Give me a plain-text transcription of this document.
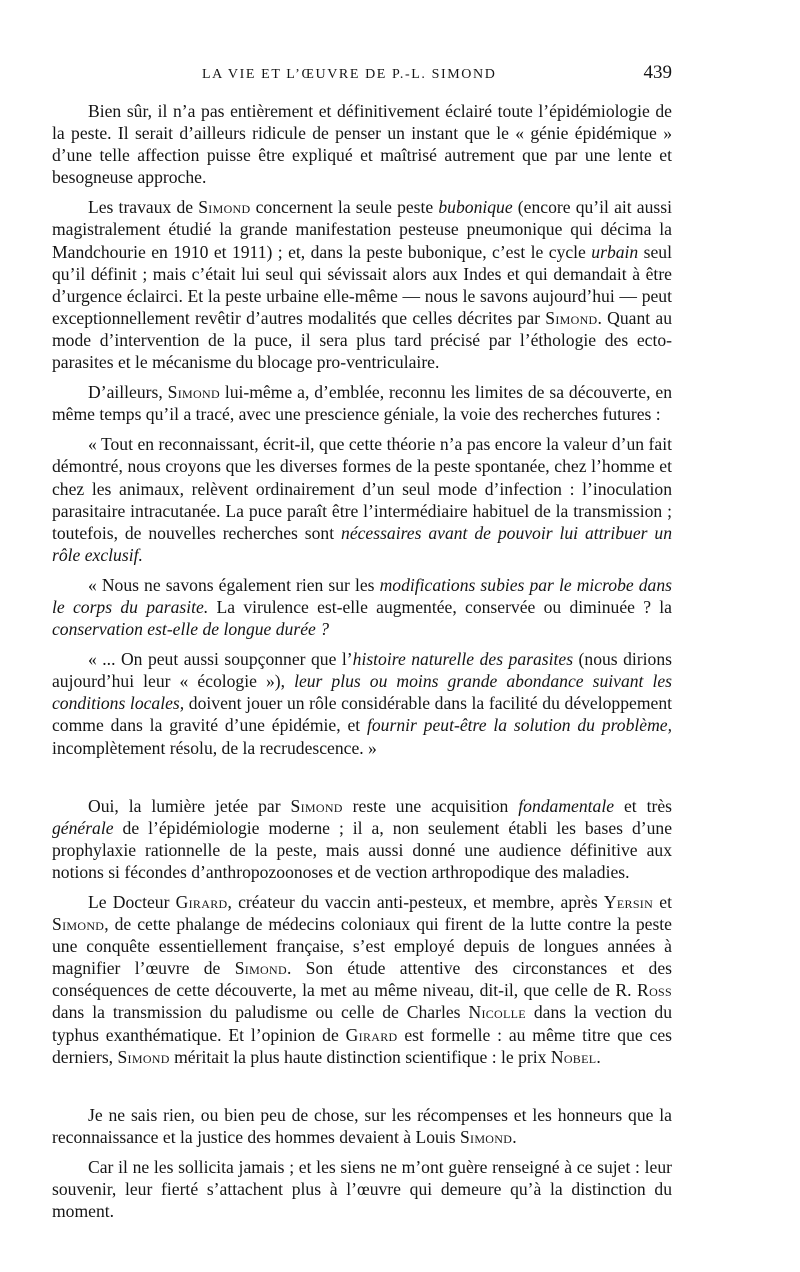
LA VIE ET L’ŒUVRE DE P.-L. SIMOND	439

Bien sûr, il n’a pas entièrement et définitivement éclairé toute l’épidémiologie de la peste. Il serait d’ailleurs ridicule de penser un instant que le « génie épidémique » d’une telle affection puisse être expliqué et maîtrisé autrement que par une lente et besogneuse approche.

Les travaux de Simond concernent la seule peste bubonique (encore qu’il ait aussi magistralement étudié la grande manifestation pesteuse pneumonique qui décima la Mandchourie en 1910 et 1911) ; et, dans la peste bubonique, c’est le cycle urbain seul qu’il définit ; mais c’était lui seul qui sévissait alors aux Indes et qui demandait à être d’urgence éclairci. Et la peste urbaine elle-même — nous le savons aujourd’hui — peut exceptionnellement revêtir d’autres modalités que celles décrites par Simond. Quant au mode d’intervention de la puce, il sera plus tard précisé par l’éthologie des ecto-parasites et le mécanisme du blocage pro-ventriculaire.

D’ailleurs, Simond lui-même a, d’emblée, reconnu les limites de sa découverte, en même temps qu’il a tracé, avec une prescience géniale, la voie des recherches futures :

« Tout en reconnaissant, écrit-il, que cette théorie n’a pas encore la valeur d’un fait démontré, nous croyons que les diverses formes de la peste spontanée, chez l’homme et chez les animaux, relèvent ordinairement d’un seul mode d’infection : l’inoculation parasitaire intracutanée. La puce paraît être l’intermédiaire habituel de la transmission ; toutefois, de nouvelles recherches sont nécessaires avant de pouvoir lui attribuer un rôle exclusif.

« Nous ne savons également rien sur les modifications subies par le microbe dans le corps du parasite. La virulence est-elle augmentée, conservée ou diminuée ? la conservation est-elle de longue durée ?

« ... On peut aussi soupçonner que l’histoire naturelle des parasites (nous dirions aujourd’hui leur « écologie »), leur plus ou moins grande abondance suivant les conditions locales, doivent jouer un rôle considérable dans la facilité du développement comme dans la gravité d’une épidémie, et fournir peut-être la solution du problème, incomplètement résolu, de la recrudescence. »

Oui, la lumière jetée par Simond reste une acquisition fondamentale et très générale de l’épidémiologie moderne ; il a, non seulement établi les bases d’une prophylaxie rationnelle de la peste, mais aussi donné une audience définitive aux notions si fécondes d’anthropozoonoses et de vection arthropodique des maladies.

Le Docteur Girard, créateur du vaccin anti-pesteux, et membre, après Yersin et Simond, de cette phalange de médecins coloniaux qui firent de la lutte contre la peste une conquête essentiellement française, s’est employé depuis de longues années à magnifier l’œuvre de Simond. Son étude attentive des circonstances et des conséquences de cette découverte, la met au même niveau, dit-il, que celle de R. Ross dans la transmission du paludisme ou celle de Charles Nicolle dans la vection du typhus exanthématique. Et l’opinion de Girard est formelle : au même titre que ces derniers, Simond méritait la plus haute distinction scientifique : le prix Nobel.

Je ne sais rien, ou bien peu de chose, sur les récompenses et les honneurs que la reconnaissance et la justice des hommes devaient à Louis Simond.

Car il ne les sollicita jamais ; et les siens ne m’ont guère renseigné à ce sujet : leur souvenir, leur fierté s’attachent plus à l’œuvre qui demeure qu’à la distinction du moment.
